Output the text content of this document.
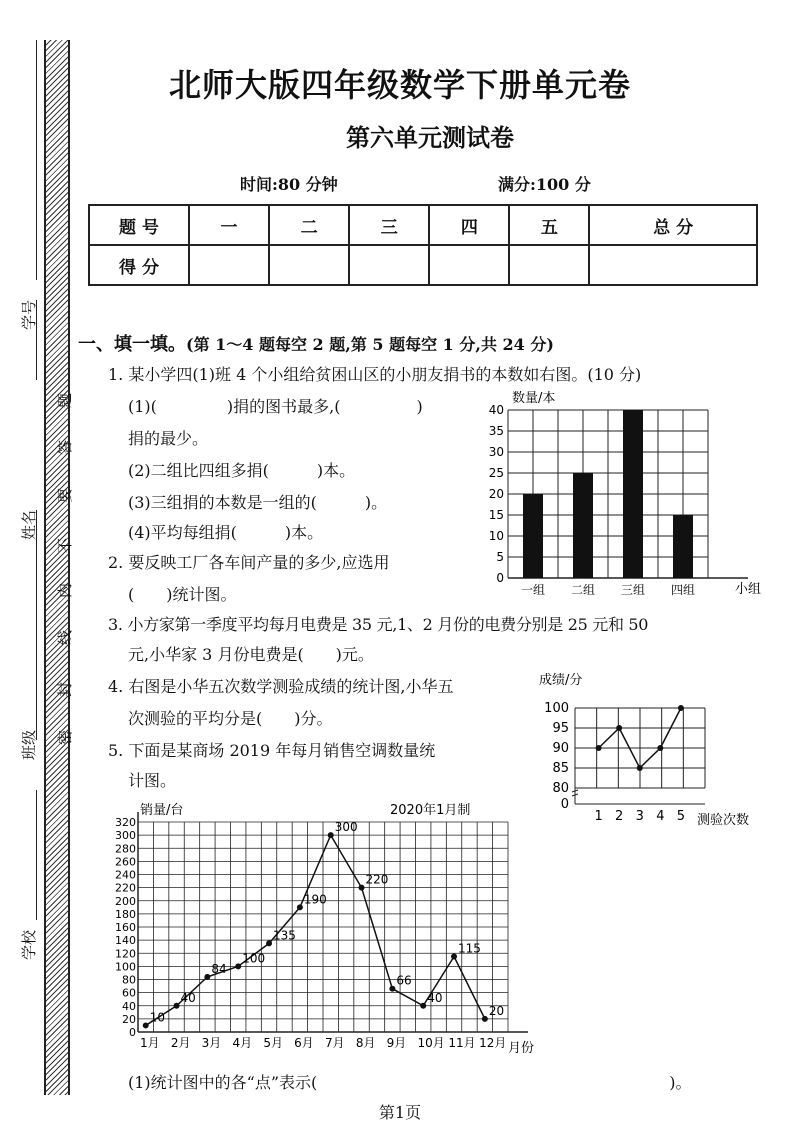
学号
姓名
班级
学校
密
封
线
内
不
要
答
题
北师大版四年级数学下册单元卷
第六单元测试卷
时间:80 分钟	满分:100 分
题 号	一	二	三	四	五	总 分
得 分						
一、填一填。(第 1～4 题每空 2 题,第 5 题每空 1 分,共 24 分)
1. 某小学四(1)班 4 个小组给贫困山区的小朋友捐书的本数如右图。(10 分)
(1)(	)捐的图书最多,(	)
捐的最少。
(2)二组比四组多捐(　　　)本。
(3)三组捐的本数是一组的(　　　)。
(4)平均每组捐(　　　)本。
2. 要反映工厂各车间产量的多少,应选用
(　　)统计图。
3. 小方家第一季度平均每月电费是 35 元,1、2 月份的电费分别是 25 元和 50
元,小华家 3 月份电费是(　　)元。
4. 右图是小华五次数学测验成绩的统计图,小华五
次测验的平均分是(　　)分。
5. 下面是某商场 2019 年每月销售空调数量统
计图。
(1)统计图中的各“点”表示(　　　　　　　　　　　　　　　　　　　　　　)。
数量/本
0
5
10
15
20
25
30
35
40
一组 二组 三组 四组	小组
成绩/分
0
80
85
90
95
100
1 2 3 4 5 测验次数
销量/台	2020年1月制
0
20
40
60
80
100
120
140
160
180
200
220
240
260
280
300
320
1月 2月 3月 4月 5月 6月 7月 8月 9月 10月 11月 12月
10
40
84
100
135
190
300
220
66
40
115
20
月份
第1页
